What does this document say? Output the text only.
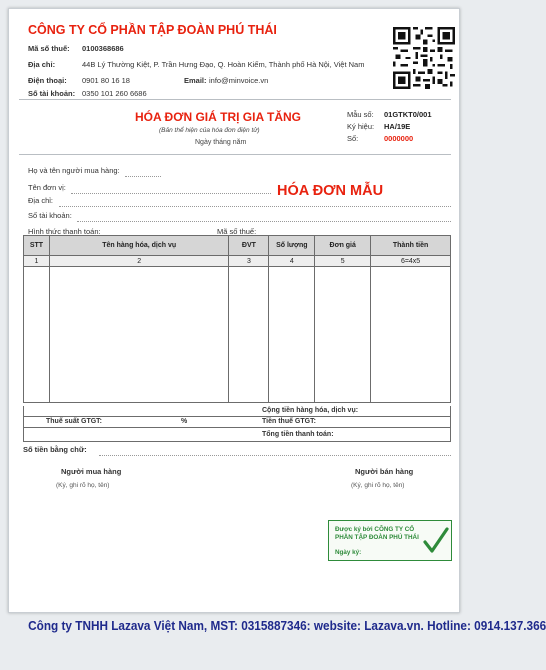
CÔNG TY CỔ PHẦN TẬP ĐOÀN PHÚ THÁI
Mã số thuế: 0100368686
Địa chỉ:	44B Lý Thường Kiệt, P. Trần Hưng Đạo, Q. Hoàn Kiếm, Thành phố Hà Nội, Việt Nam
Điện thoại: 0901 80 16 18	Email: info@minvoice.vn
Số tài khoản: 0350 101 260 6686
HÓA ĐƠN GIÁ TRỊ GIA TĂNG
(Bản thể hiện của hóa đơn điện tử)
Ngày tháng năm
Mẫu số: 01GTKT0/001
Ký hiệu: HA/19E
Số:	0000000
Họ và tên người mua hàng:
Tên đơn vị:	HÓA ĐƠN MẪU
Địa chỉ:
Số tài khoản:
Hình thức thanh toán:	Mã số thuế:
STT	Tên hàng hóa, dịch vụ	ĐVT	Số lượng	Đơn giá	Thành tiền
1	2	3	4	5	6=4x5

Cộng tiền hàng hóa, dịch vụ:
Thuế suất GTGT:	%	Tiền thuế GTGT:
Tổng tiền thanh toán:
Số tiền bằng chữ:
Người mua hàng
(Ký, ghi rõ họ, tên)
Người bán hàng
(Ký, ghi rõ họ, tên)
Được ký bởi CÔNG TY CỔ PHẦN TẬP ĐOÀN PHÚ THÁI
Ngày ký:
Công ty TNHH Lazava Việt Nam, MST: 0315887346: website: Lazava.vn. Hotline: 0914.137.366
